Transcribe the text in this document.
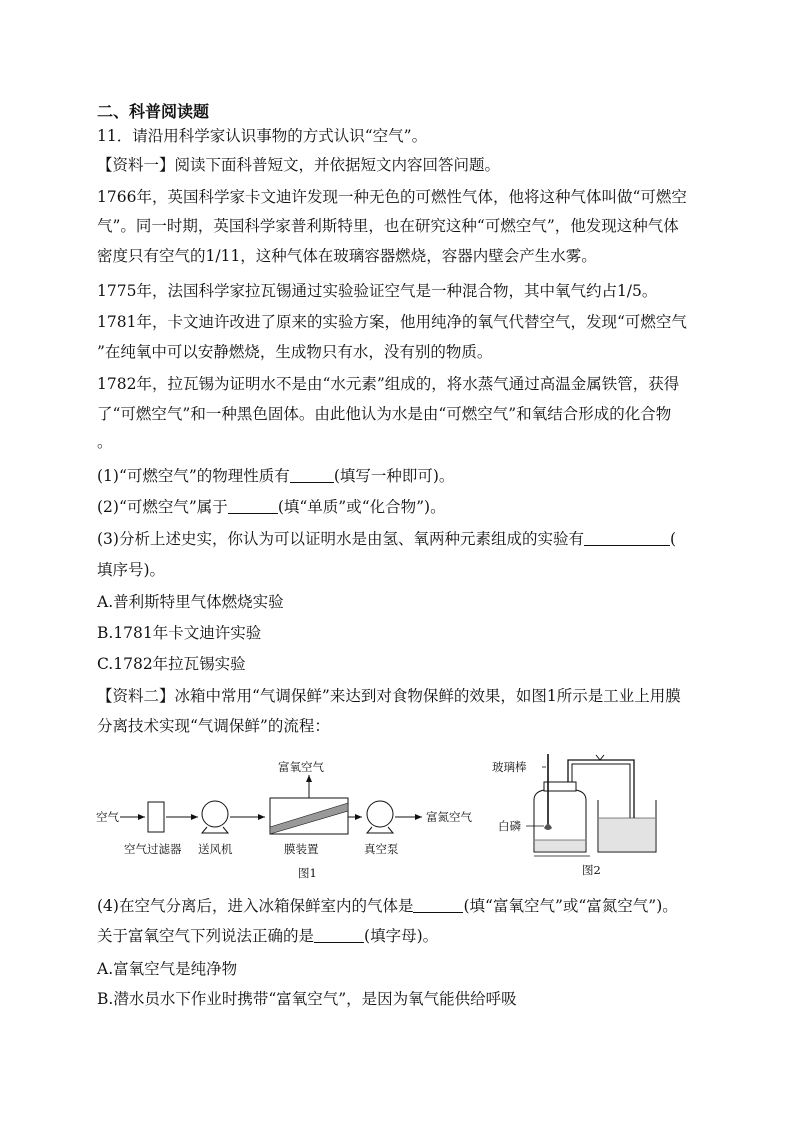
二、科普阅读题
11．请沿用科学家认识事物的方式认识“空气”。
【资料一】阅读下面科普短文，并依据短文内容回答问题。
1766年，英国科学家卡文迪许发现一种无色的可燃性气体，他将这种气体叫做“可燃空
气”。同一时期，英国科学家普利斯特里，也在研究这种“可燃空气”，他发现这种气体
密度只有空气的1/11，这种气体在玻璃容器燃烧，容器内壁会产生水雾。
1775年，法国科学家拉瓦锡通过实验验证空气是一种混合物，其中氧气约占1/5。
1781年，卡文迪许改进了原来的实验方案，他用纯净的氧气代替空气，发现“可燃空气
”在纯氧中可以安静燃烧，生成物只有水，没有别的物质。
1782年，拉瓦锡为证明水不是由“水元素”组成的，将水蒸气通过高温金属铁管，获得
了“可燃空气”和一种黑色固体。由此他认为水是由“可燃空气”和氧结合形成的化合物
。
(1)“可燃空气”的物理性质有	(填写一种即可)。
(2)“可燃空气”属于	(填“单质”或“化合物”)。
(3)分析上述史实，你认为可以证明水是由氢、氧两种元素组成的实验有	(
填序号)。
A.普利斯特里气体燃烧实验
B.1781年卡文迪许实验
C.1782年拉瓦锡实验
【资料二】冰箱中常用“气调保鲜”来达到对食物保鲜的效果，如图1所示是工业上用膜
分离技术实现“气调保鲜”的流程：
空气
富氧空气
富氮空气
空气过滤器 送风机	膜装置	真空泵
图1
玻璃棒
白磷
图2
(4)在空气分离后，进入冰箱保鲜室内的气体是	(填“富氧空气”或“富氮空气”)。
关于富氧空气下列说法正确的是	(填字母)。
A.富氧空气是纯净物
B.潜水员水下作业时携带“富氧空气”，是因为氧气能供给呼吸
